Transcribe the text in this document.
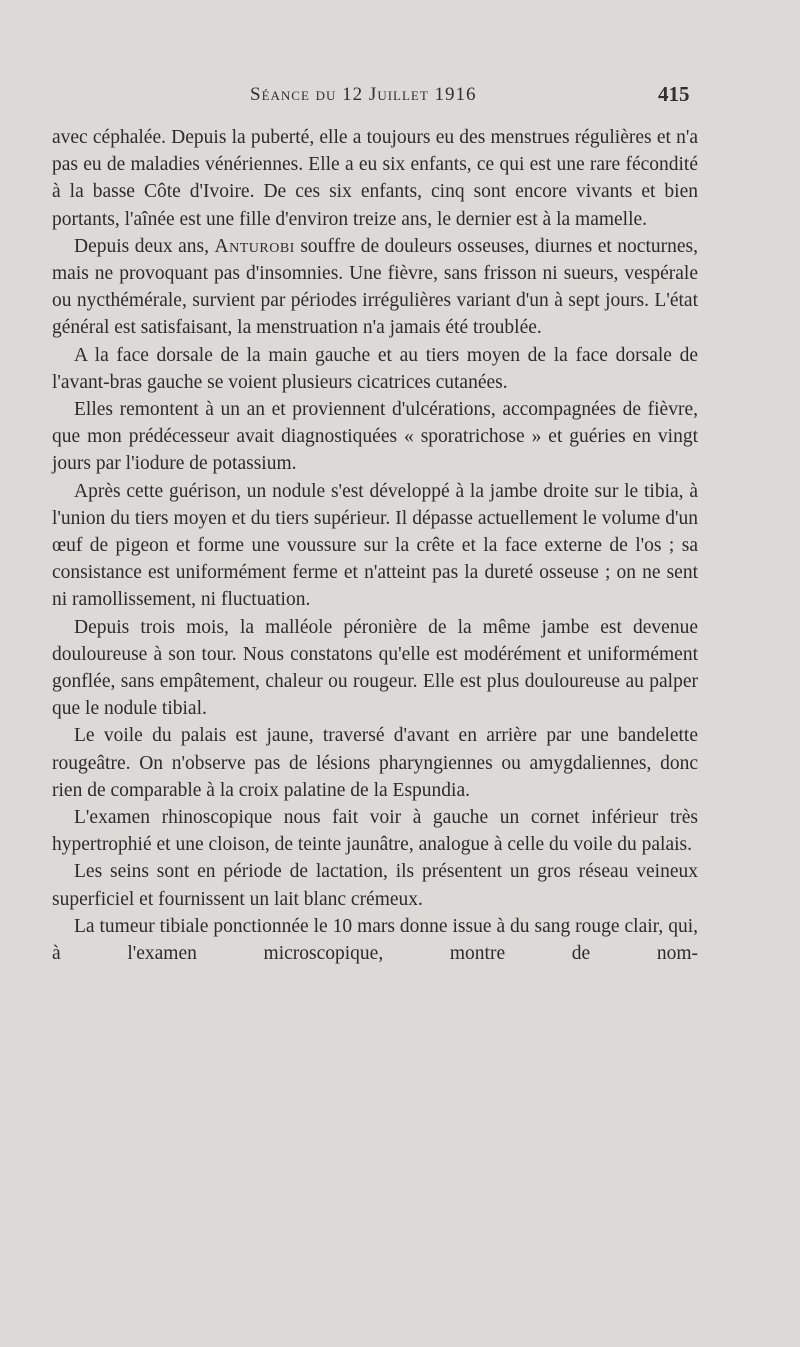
Séance du 12 Juillet 1916	415

avec céphalée. Depuis la puberté, elle a toujours eu des menstrues régulières et n'a pas eu de maladies vénériennes. Elle a eu six enfants, ce qui est une rare fécondité à la basse Côte d'Ivoire. De ces six enfants, cinq sont encore vivants et bien portants, l'aînée est une fille d'environ treize ans, le dernier est à la mamelle.

Depuis deux ans, Anturobi souffre de douleurs osseuses, diurnes et nocturnes, mais ne provoquant pas d'insomnies. Une fièvre, sans frisson ni sueurs, vespérale ou nycthémérale, survient par périodes irrégulières variant d'un à sept jours. L'état général est satisfaisant, la menstruation n'a jamais été troublée.

A la face dorsale de la main gauche et au tiers moyen de la face dorsale de l'avant-bras gauche se voient plusieurs cicatrices cutanées.

Elles remontent à un an et proviennent d'ulcérations, accompagnées de fièvre, que mon prédécesseur avait diagnostiquées « sporatrichose » et guéries en vingt jours par l'iodure de potassium.

Après cette guérison, un nodule s'est développé à la jambe droite sur le tibia, à l'union du tiers moyen et du tiers supérieur. Il dépasse actuellement le volume d'un œuf de pigeon et forme une voussure sur la crête et la face externe de l'os ; sa consistance est uniformément ferme et n'atteint pas la dureté osseuse ; on ne sent ni ramollissement, ni fluctuation.

Depuis trois mois, la malléole péronière de la même jambe est devenue douloureuse à son tour. Nous constatons qu'elle est modérément et uniformément gonflée, sans empâtement, chaleur ou rougeur. Elle est plus douloureuse au palper que le nodule tibial.

Le voile du palais est jaune, traversé d'avant en arrière par une bandelette rougeâtre. On n'observe pas de lésions pharyngiennes ou amygdaliennes, donc rien de comparable à la croix palatine de la Espundia.

L'examen rhinoscopique nous fait voir à gauche un cornet inférieur très hypertrophié et une cloison, de teinte jaunâtre, analogue à celle du voile du palais.

Les seins sont en période de lactation, ils présentent un gros réseau veineux superficiel et fournissent un lait blanc crémeux.

La tumeur tibiale ponctionnée le 10 mars donne issue à du sang rouge clair, qui, à l'examen microscopique, montre de nom-
